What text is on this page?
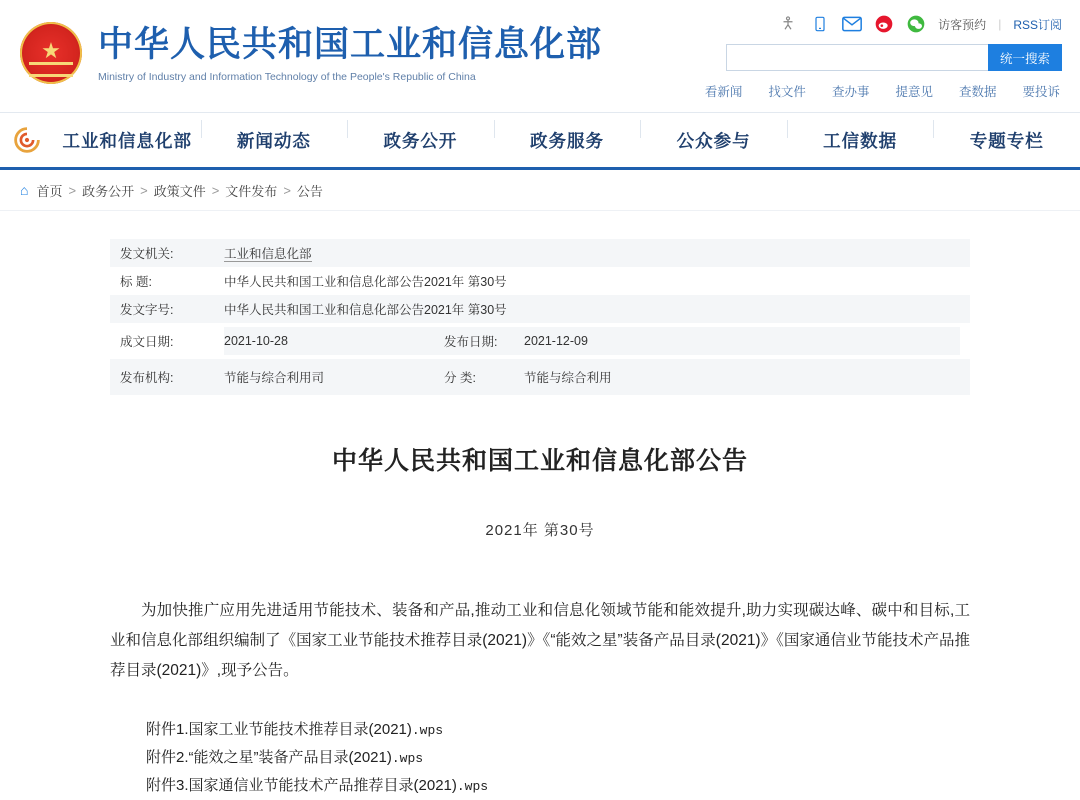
★
中华人民共和国工业和信息化部
Ministry of Industry and Information Technology of the People's Republic of China
访客预约 | RSS订阅
统一搜索
看新闻 找文件 查办事 提意见 查数据 要投诉
工业和信息化部	新闻动态	政务公开	政务服务	公众参与	工信数据	专题专栏
⌂ 首页 > 政务公开 > 政策文件 > 文件发布 > 公告
发文机关:	工业和信息化部
标 题:	中华人民共和国工业和信息化部公告2021年 第30号
发文字号:	中华人民共和国工业和信息化部公告2021年 第30号
成文日期:		2021-10-28	发布日期:	2021-12-09

发布机构:		节能与综合利用司	分 类:	节能与综合利用
中华人民共和国工业和信息化部公告
2021年 第30号

为加快推广应用先进适用节能技术、装备和产品,推动工业和信息化领域节能和能效提升,助力实现碳达峰、碳中和目标,工业和信息化部组织编制了《国家工业节能技术推荐目录(2021)》《“能效之星”装备产品目录(2021)》《国家通信业节能技术产品推荐目录(2021)》,现予公告。

附件1.国家工业节能技术推荐目录(2021).wps
附件2.“能效之星”装备产品目录(2021).wps
附件3.国家通信业节能技术产品推荐目录(2021).wps
